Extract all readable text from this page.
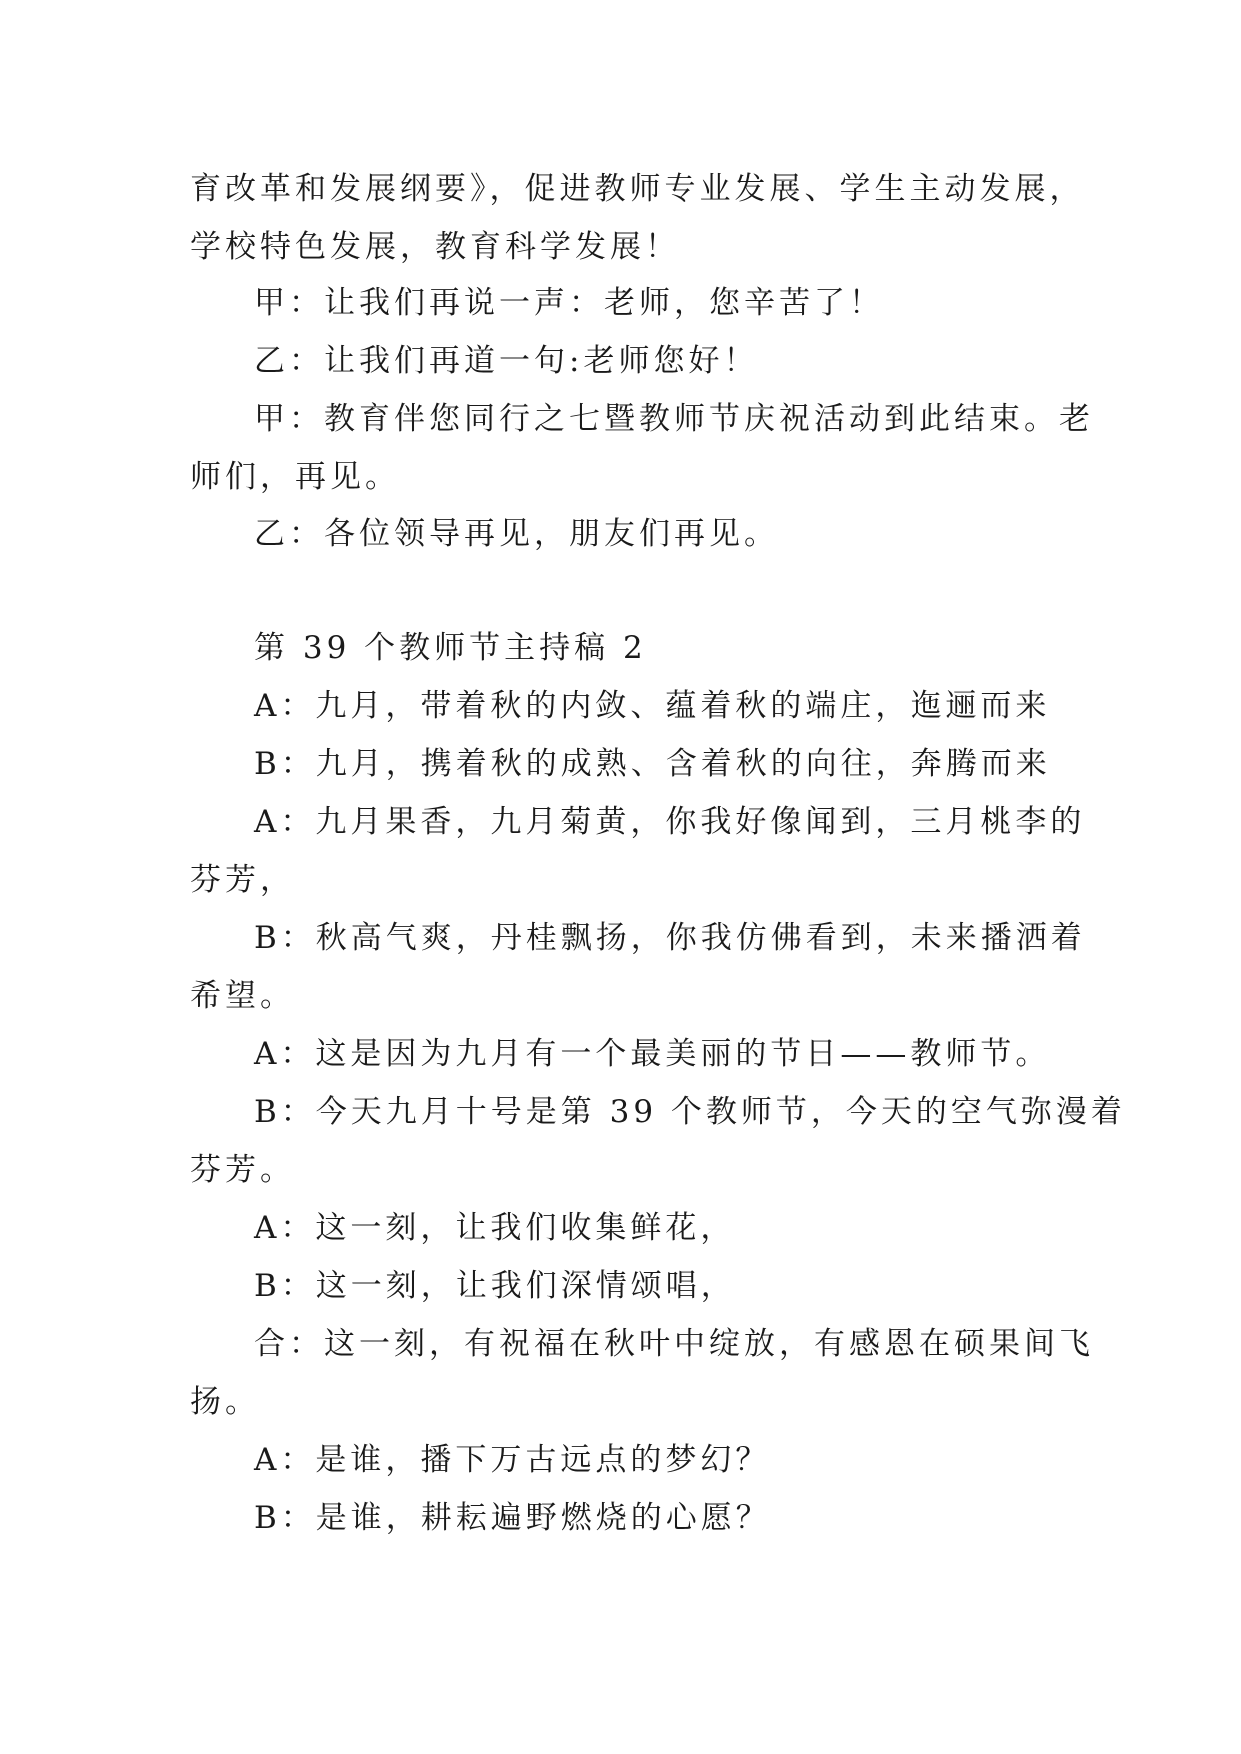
育改革和发展纲要》，促进教师专业发展、学生主动发展，
学校特色发展，教育科学发展！

甲：让我们再说一声：老师，您辛苦了！

乙：让我们再道一句:老师您好！

甲：教育伴您同行之七暨教师节庆祝活动到此结束。老
师们，再见。

乙：各位领导再见，朋友们再见。

第 39 个教师节主持稿 2

A：九月，带着秋的内敛、蕴着秋的端庄，迤逦而来

B：九月，携着秋的成熟、含着秋的向往，奔腾而来

A：九月果香，九月菊黄，你我好像闻到，三月桃李的
芬芳，

B：秋高气爽，丹桂飘扬，你我仿佛看到，未来播洒着
希望。

A：这是因为九月有一个最美丽的节日——教师节。

B：今天九月十号是第 39 个教师节，今天的空气弥漫着
芬芳。

A：这一刻，让我们收集鲜花，

B：这一刻，让我们深情颂唱，

合：这一刻，有祝福在秋叶中绽放，有感恩在硕果间飞
扬。

A：是谁，播下万古远点的梦幻？

B：是谁，耕耘遍野燃烧的心愿？
